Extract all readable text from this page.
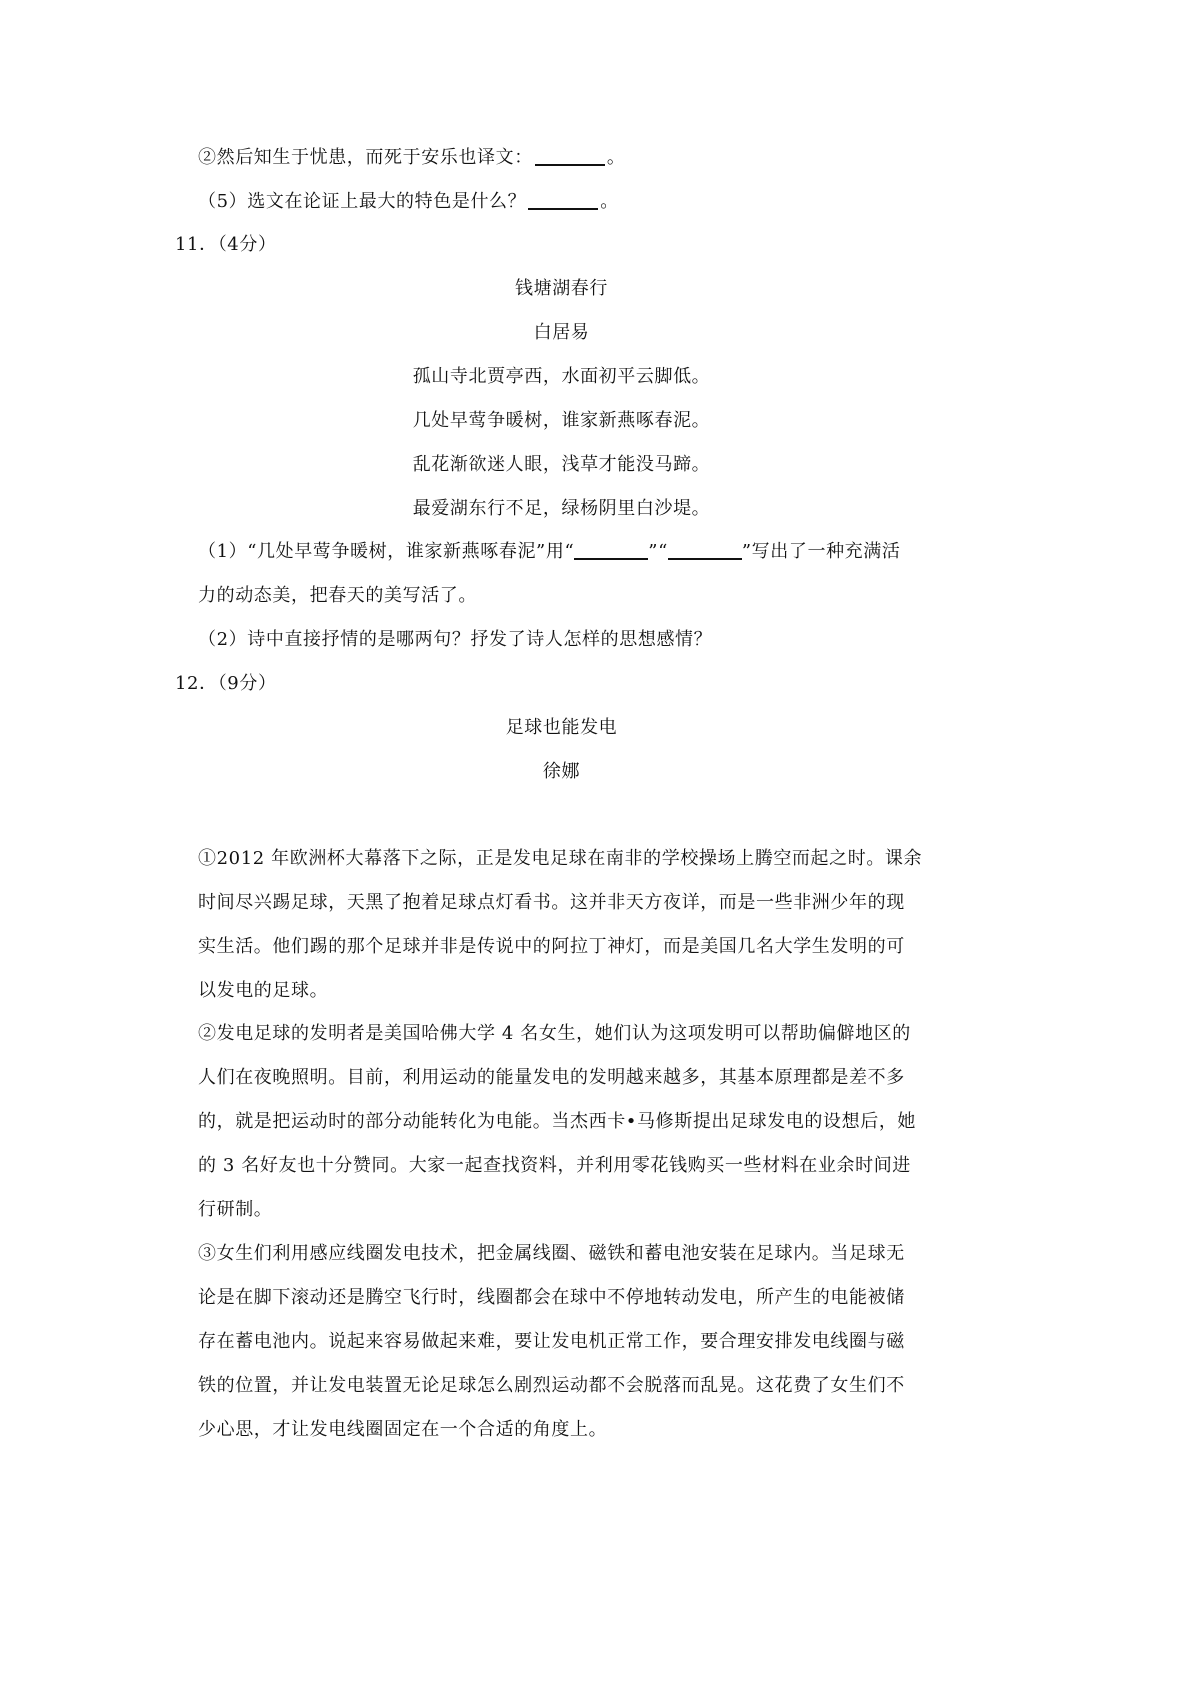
②然后知生于忧患，而死于安乐也译文：	。
（5）选文在论证上最大的特色是什么？	。
11．（4分）
钱塘湖春行
白居易
孤山寺北贾亭西，水面初平云脚低。
几处早莺争暖树，谁家新燕啄春泥。
乱花渐欲迷人眼，浅草才能没马蹄。
最爱湖东行不足，绿杨阴里白沙堤。
（1）“几处早莺争暖树，谁家新燕啄春泥”用“	”“	”写出了一种充满活
力的动态美，把春天的美写活了。
（2）诗中直接抒情的是哪两句？抒发了诗人怎样的思想感情？
12．（9分）
足球也能发电
徐娜
①2012 年欧洲杯大幕落下之际，正是发电足球在南非的学校操场上腾空而起之时。课余
时间尽兴踢足球，天黑了抱着足球点灯看书。这并非天方夜详，而是一些非洲少年的现
实生活。他们踢的那个足球并非是传说中的阿拉丁神灯，而是美国几名大学生发明的可
以发电的足球。
②发电足球的发明者是美国哈佛大学 4 名女生，她们认为这项发明可以帮助偏僻地区的
人们在夜晚照明。目前，利用运动的能量发电的发明越来越多，其基本原理都是差不多
的，就是把运动时的部分动能转化为电能。当杰西卡•马修斯提出足球发电的设想后，她
的 3 名好友也十分赞同。大家一起查找资料，并利用零花钱购买一些材料在业余时间进
行研制。
③女生们利用感应线圈发电技术，把金属线圈、磁铁和蓄电池安装在足球内。当足球无
论是在脚下滚动还是腾空飞行时，线圈都会在球中不停地转动发电，所产生的电能被储
存在蓄电池内。说起来容易做起来难，要让发电机正常工作，要合理安排发电线圈与磁
铁的位置，并让发电装置无论足球怎么剧烈运动都不会脱落而乱晃。这花费了女生们不
少心思，才让发电线圈固定在一个合适的角度上。
